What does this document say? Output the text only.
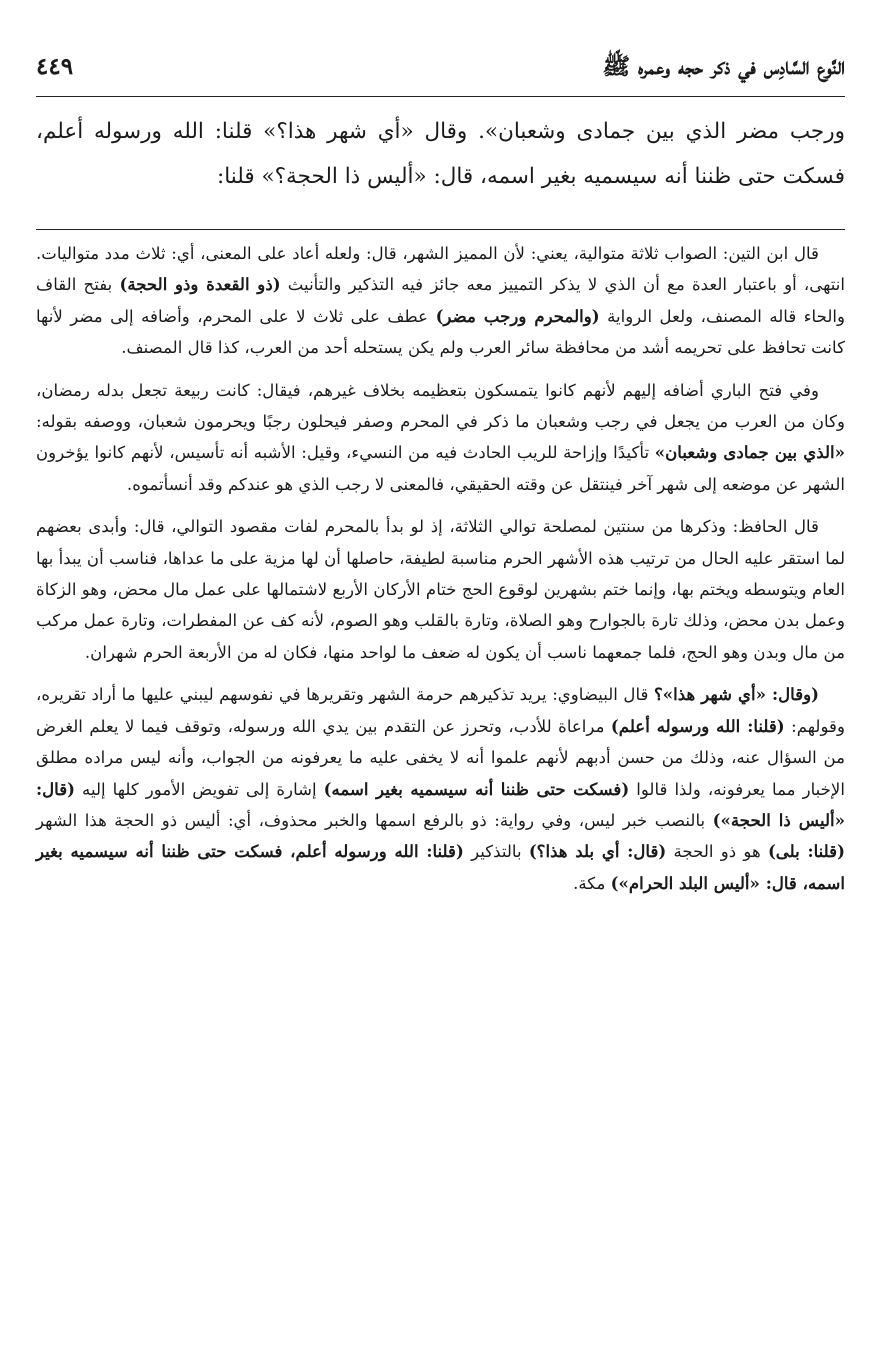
النَّوع السَّادِس في ذكر حجه وعمره ﷺ
٤٤٩
ورجب مضر الذي بين جمادى وشعبان». وقال «أي شهر هذا؟» قلنا: الله ورسوله أعلم، فسكت حتى ظننا أنه سيسميه بغير اسمه، قال: «أليس ذا الحجة؟» قلنا:

قال ابن التين: الصواب ثلاثة متوالية، يعني: لأن المميز الشهر، قال: ولعله أعاد على المعنى، أي: ثلاث مدد متواليات. انتهى، أو باعتبار العدة مع أن الذي لا يذكر التمييز معه جائز فيه التذكير والتأنيث (ذو القعدة وذو الحجة) بفتح القاف والحاء قاله المصنف، ولعل الرواية (والمحرم ورجب مضر) عطف على ثلاث لا على المحرم، وأضافه إلى مضر لأنها كانت تحافظ على تحريمه أشد من محافظة سائر العرب ولم يكن يستحله أحد من العرب، كذا قال المصنف.

وفي فتح الباري أضافه إليهم لأنهم كانوا يتمسكون بتعظيمه بخلاف غيرهم، فيقال: كانت ربيعة تجعل بدله رمضان، وكان من العرب من يجعل في رجب وشعبان ما ذكر في المحرم وصفر فيحلون رجبًا ويحرمون شعبان، ووصفه بقوله: «الذي بين جمادى وشعبان» تأكيدًا وإزاحة للريب الحادث فيه من النسيء، وقيل: الأشبه أنه تأسيس، لأنهم كانوا يؤخرون الشهر عن موضعه إلى شهر آخر فينتقل عن وقته الحقيقي، فالمعنى لا رجب الذي هو عندكم وقد أنسأتموه.

قال الحافظ: وذكرها من سنتين لمصلحة توالي الثلاثة، إذ لو بدأ بالمحرم لفات مقصود التوالي، قال: وأبدى بعضهم لما استقر عليه الحال من ترتيب هذه الأشهر الحرم مناسبة لطيفة، حاصلها أن لها مزية على ما عداها، فناسب أن يبدأ بها العام ويتوسطه ويختم بها، وإنما ختم بشهرين لوقوع الحج ختام الأركان الأربع لاشتمالها على عمل مال محض، وهو الزكاة وعمل بدن محض، وذلك تارة بالجوارح وهو الصلاة، وتارة بالقلب وهو الصوم، لأنه كف عن المفطرات، وتارة عمل مركب من مال وبدن وهو الحج، فلما جمعهما ناسب أن يكون له ضعف ما لواحد منها، فكان له من الأربعة الحرم شهران.

(وقال: «أي شهر هذا»؟ قال البيضاوي: يريد تذكيرهم حرمة الشهر وتقريرها في نفوسهم ليبني عليها ما أراد تقريره، وقولهم: (قلنا: الله ورسوله أعلم) مراعاة للأدب، وتحرز عن التقدم بين يدي الله ورسوله، وتوقف فيما لا يعلم الغرض من السؤال عنه، وذلك من حسن أدبهم لأنهم علموا أنه لا يخفى عليه ما يعرفونه من الجواب، وأنه ليس مراده مطلق الإخبار مما يعرفونه، ولذا قالوا (فسكت حتى ظننا أنه سيسميه بغير اسمه) إشارة إلى تفويض الأمور كلها إليه (قال: «أليس ذا الحجة») بالنصب خبر ليس، وفي رواية: ذو بالرفع اسمها والخبر محذوف، أي: أليس ذو الحجة هذا الشهر (قلنا: بلى) هو ذو الحجة (قال: أي بلد هذا؟) بالتذكير (قلنا: الله ورسوله أعلم، فسكت حتى ظننا أنه سيسميه بغير اسمه، قال: «أليس البلد الحرام») مكة.
